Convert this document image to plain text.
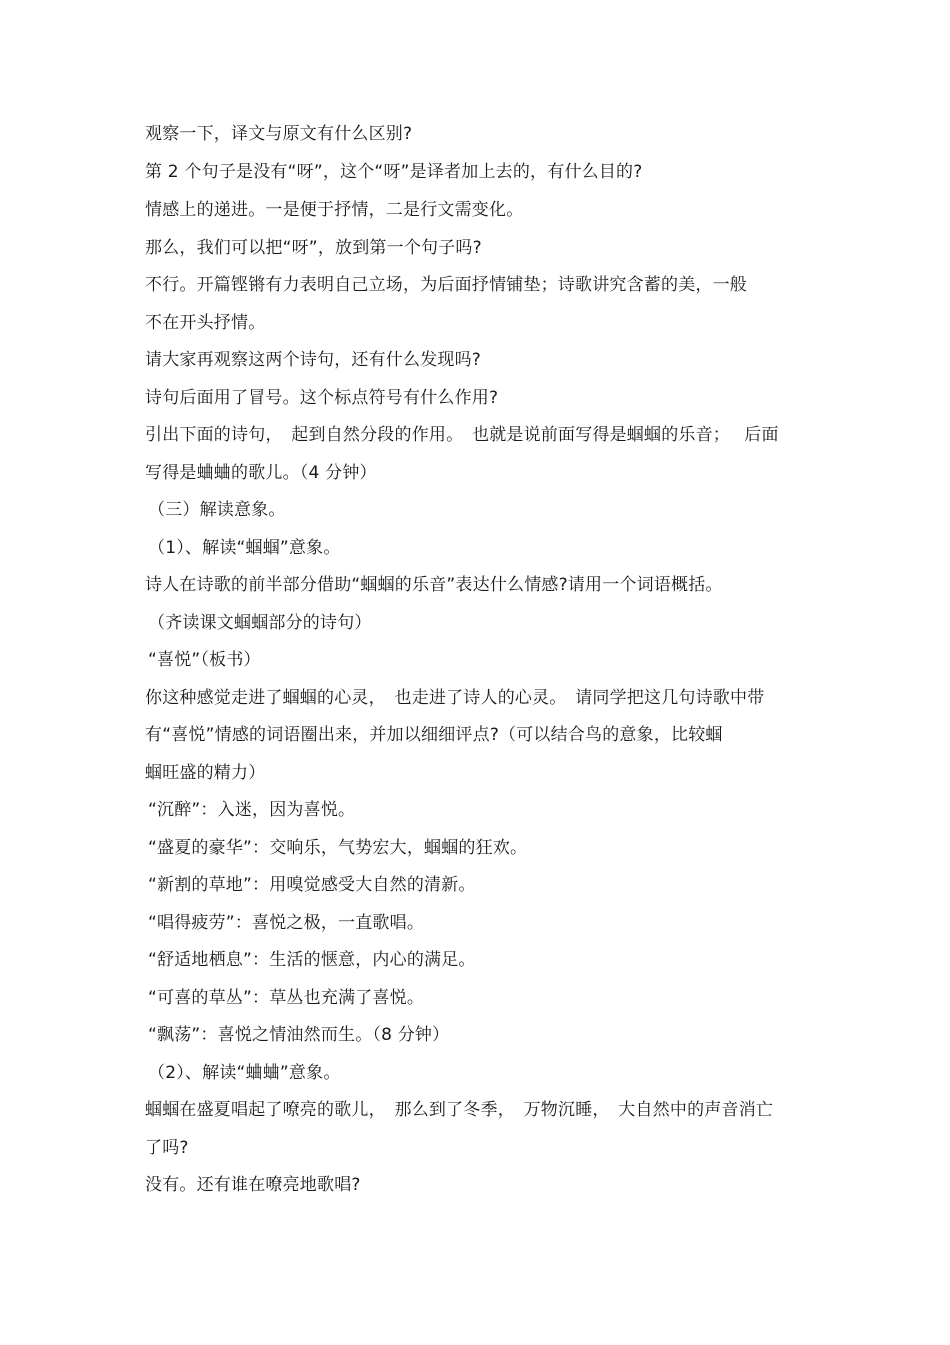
观察一下，译文与原文有什么区别?
第 2 个句子是没有“呀”，这个“呀”是译者加上去的，有什么目的?
情感上的递进。一是便于抒情，二是行文需变化。
那么，我们可以把“呀”，放到第一个句子吗?
不行。开篇铿锵有力表明自己立场，为后面抒情铺垫；诗歌讲究含蓄的美，一般
不在开头抒情。
请大家再观察这两个诗句，还有什么发现吗?
诗句后面用了冒号。这个标点符号有什么作用?
引出下面的诗句，　起到自然分段的作用。　也就是说前面写得是蝈蝈的乐音；　 后面
写得是蛐蛐的歌儿。（4 分钟）
（三）解读意象。
（1）、解读“蝈蝈”意象。
诗人在诗歌的前半部分借助“蝈蝈的乐音”表达什么情感?请用一个词语概括。
（齐读课文蝈蝈部分的诗句）
“喜悦”（板书）
你这种感觉走进了蝈蝈的心灵，　也走进了诗人的心灵。　请同学把这几句诗歌中带
有“喜悦”情感的词语圈出来，并加以细细评点?（可以结合鸟的意象，比较蝈
蝈旺盛的精力）
“沉醉”：入迷，因为喜悦。
“盛夏的豪华”：交响乐，气势宏大，蝈蝈的狂欢。
“新割的草地”：用嗅觉感受大自然的清新。
“唱得疲劳”：喜悦之极，一直歌唱。
“舒适地栖息”：生活的惬意，内心的满足。
“可喜的草丛”：草丛也充满了喜悦。
“飘荡”：喜悦之情油然而生。（8 分钟）
（2）、解读“蛐蛐”意象。
蝈蝈在盛夏唱起了嘹亮的歌儿，　那么到了冬季，　万物沉睡，　大自然中的声音消亡
了吗?
没有。还有谁在嘹亮地歌唱?
